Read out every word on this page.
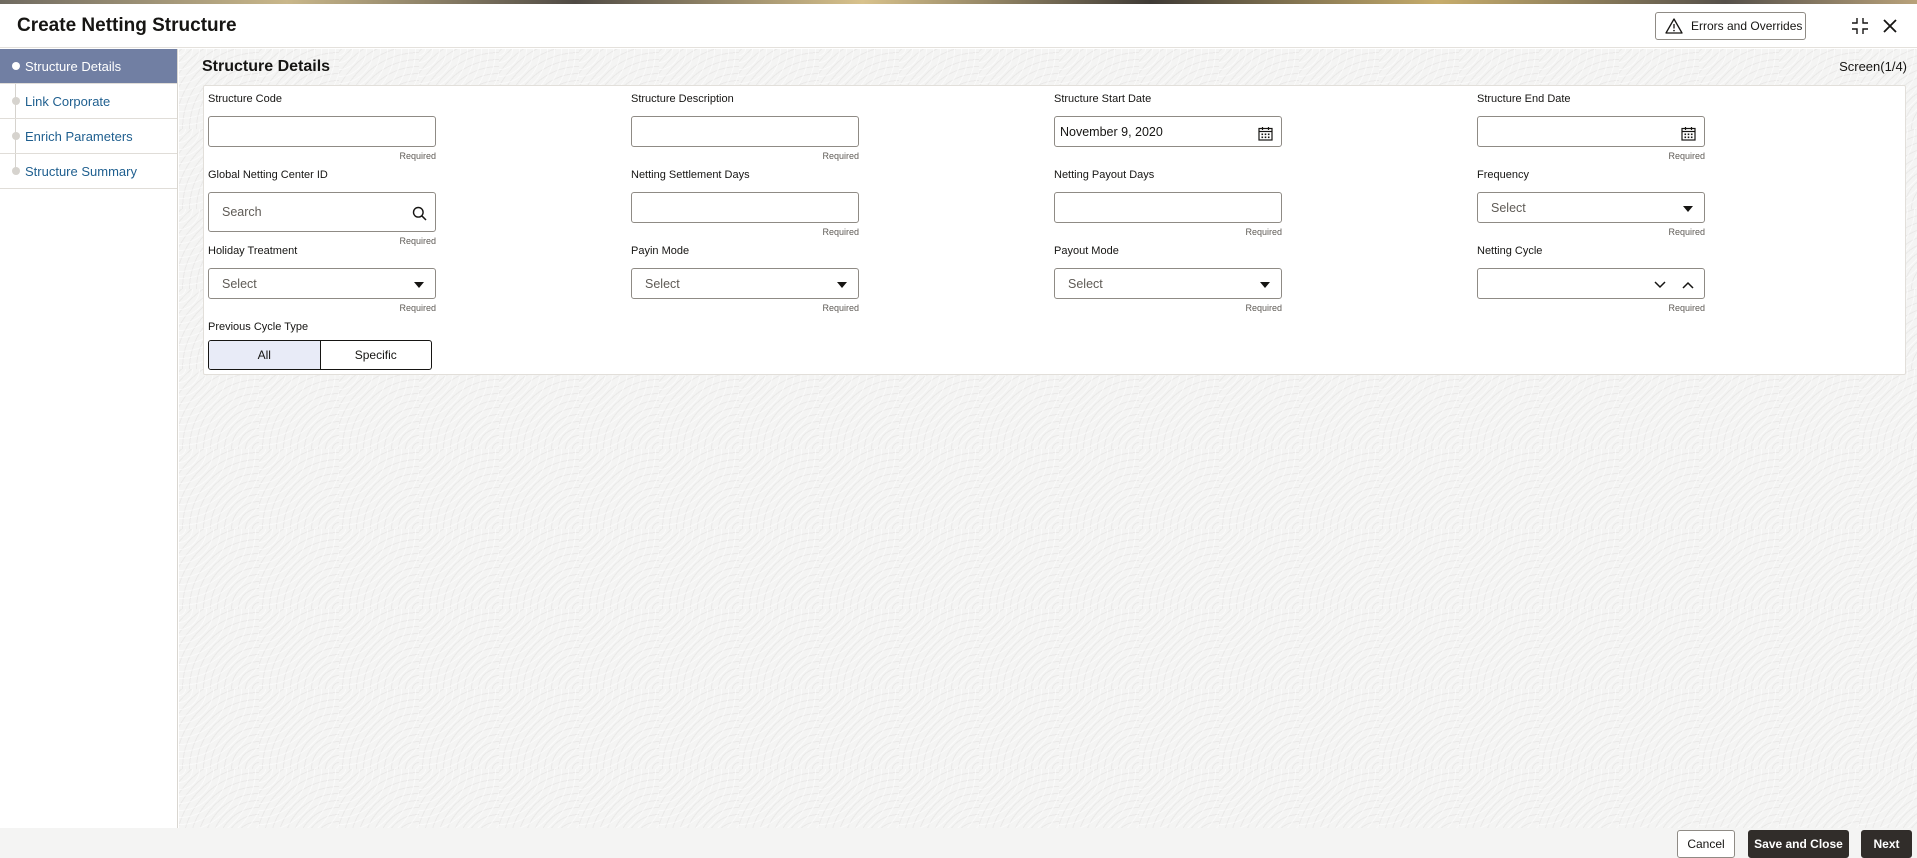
Create Netting Structure	Errors and Overrides
Structure Details
Link Corporate
Enrich Parameters
Structure Summary
Structure Details	Screen(1/4)
Structure Code
Required
Structure Description
Required
Structure Start Date
November 9, 2020
Structure End Date
Required
Global Netting Center ID
Search
Required
Netting Settlement Days
Required
Netting Payout Days
Required
Frequency
Select
Required
Holiday Treatment
Select
Required
Payin Mode
Select
Required
Payout Mode
Select
Required
Netting Cycle
Required
Previous Cycle Type
All	Specific
Cancel	Save and Close	Next
